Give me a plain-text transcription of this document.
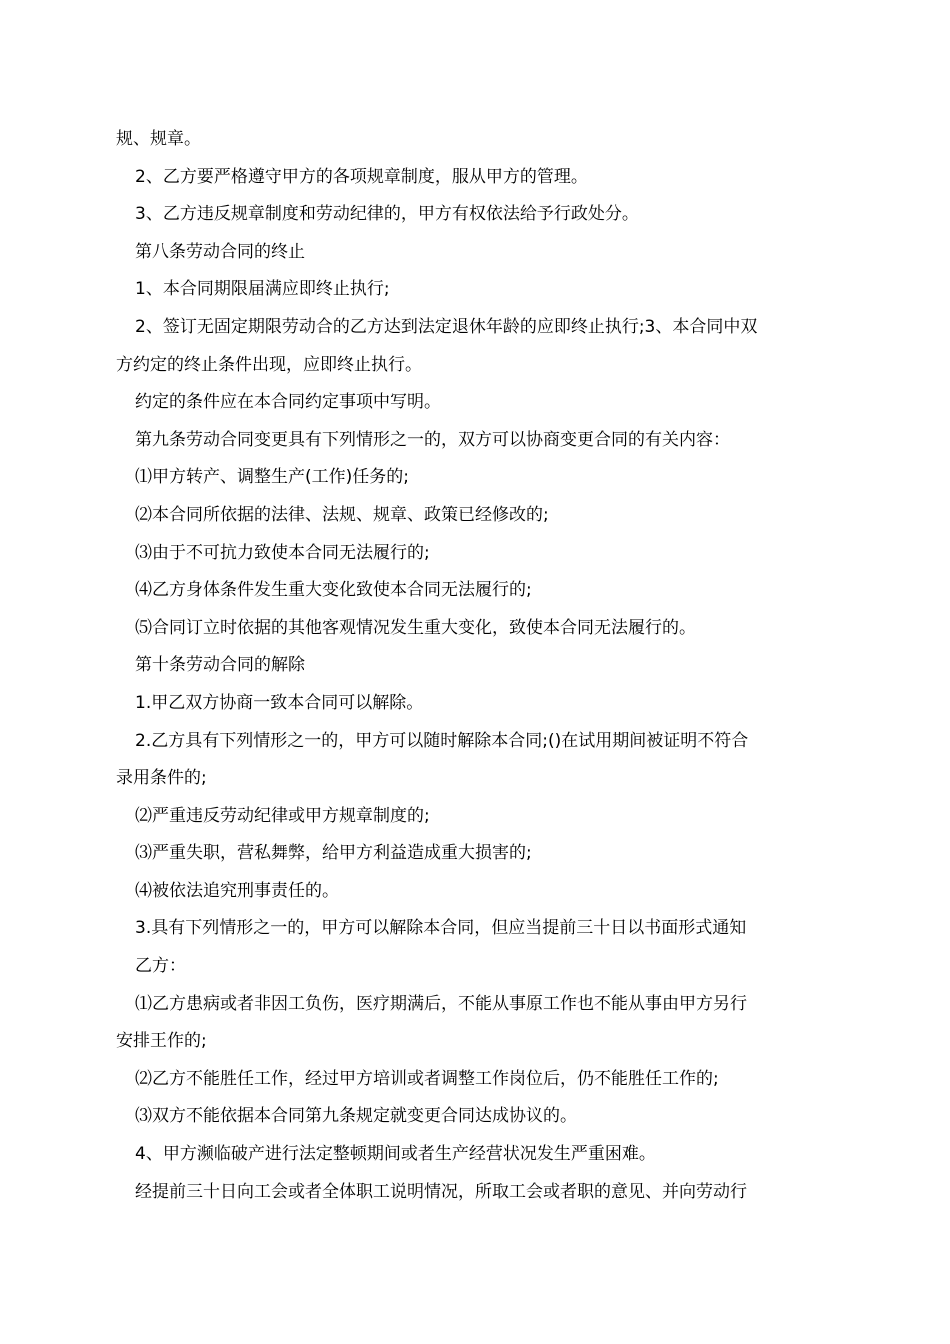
规、规章。
2、乙方要严格遵守甲方的各项规章制度，服从甲方的管理。
3、乙方违反规章制度和劳动纪律的，甲方有权依法给予行政处分。
第八条劳动合同的终止
1、本合同期限届满应即终止执行;
2、签订无固定期限劳动合的乙方达到法定退休年龄的应即终止执行;3、本合同中双
方约定的终止条件出现，应即终止执行。
约定的条件应在本合同约定事项中写明。
第九条劳动合同变更具有下列情形之一的，双方可以协商变更合同的有关内容：
⑴甲方转产、调整生产(工作)任务的;
⑵本合同所依据的法律、法规、规章、政策已经修改的;
⑶由于不可抗力致使本合同无法履行的;
⑷乙方身体条件发生重大变化致使本合同无法履行的;
⑸合同订立时依据的其他客观情况发生重大变化，致使本合同无法履行的。
第十条劳动合同的解除
1.甲乙双方协商一致本合同可以解除。
2.乙方具有下列情形之一的，甲方可以随时解除本合同;()在试用期间被证明不符合
录用条件的;
⑵严重违反劳动纪律或甲方规章制度的;
⑶严重失职，营私舞弊，给甲方利益造成重大损害的;
⑷被依法追究刑事责任的。
3.具有下列情形之一的，甲方可以解除本合同，但应当提前三十日以书面形式通知
乙方：
⑴乙方患病或者非因工负伤，医疗期满后，不能从事原工作也不能从事由甲方另行
安排王作的;
⑵乙方不能胜任工作，经过甲方培训或者调整工作岗位后，仍不能胜任工作的;
⑶双方不能依据本合同第九条规定就变更合同达成协议的。
4、甲方濒临破产进行法定整顿期间或者生产经营状况发生严重困难。
经提前三十日向工会或者全体职工说明情况，所取工会或者职的意见、并向劳动行
